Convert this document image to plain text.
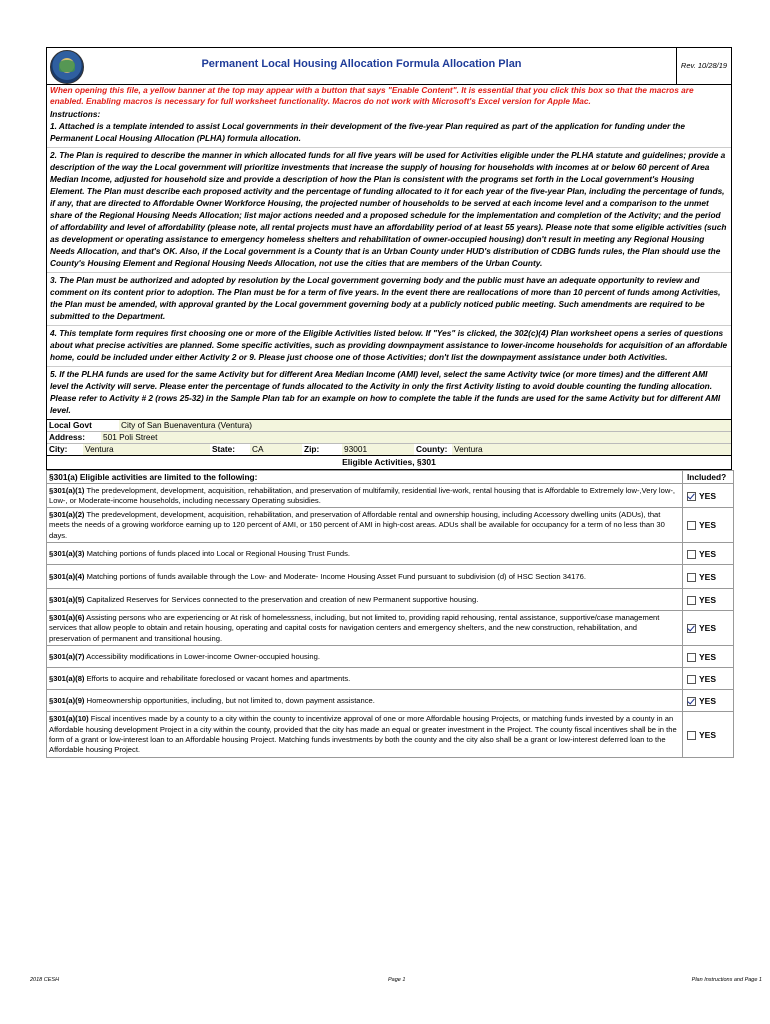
Permanent Local Housing Allocation Formula Allocation Plan	Rev. 10/28/19
When opening this file, a yellow banner at the top may appear with a button that says "Enable Content". It is essential that you click this box so that the macros are enabled. Enabling macros is necessary for full worksheet functionality. Macros do not work with Microsoft's Excel version for Apple Mac.
Instructions:
1. Attached is a template intended to assist Local governments in their development of the five-year Plan required as part of the application for funding under the Permanent Local Housing Allocation (PLHA) formula allocation.
2. The Plan is required to describe the manner in which allocated funds for all five years will be used for Activities eligible under the PLHA statute and guidelines; provide a description of the way the Local government will prioritize investments that increase the supply of housing for households with incomes at or below 60 percent of Area Median Income, adjusted for household size and provide a description of how the Plan is consistent with the programs set forth in the Local government's Housing Element. The Plan must describe each proposed activity and the percentage of funding allocated to it for each year of the five-year Plan, including the percentage of funds, if any, that are directed to Affordable Owner Workforce Housing, the projected number of households to be served at each income level and a comparison to the unmet share of the Regional Housing Needs Allocation; list major actions needed and a proposed schedule for the implementation and completion of the Activity; and the period of affordability and level of affordability (please note, all rental projects must have an affordability period of at least 55 years). Please note that some eligible activities (such as development or operating assistance to emergency homeless shelters and rehabilitation of owner-occupied housing) don't result in meeting any Regional Housing Needs Allocation, and that's OK. Also, if the Local government is a County that is an Urban County under HUD's distribution of CDBG funds rules, the Plan should use the County's Housing Element and Regional Housing Needs Allocation, not use the cities that are members of the Urban County.
3. The Plan must be authorized and adopted by resolution by the Local government governing body and the public must have an adequate opportunity to review and comment on its content prior to adoption. The Plan must be for a term of five years. In the event there are reallocations of more than 10 percent of funds among Activities, the Plan must be amended, with approval granted by the Local government governing body at a publicly noticed public meeting. Such amendments are required to be submitted to the Department.
4. This template form requires first choosing one or more of the Eligible Activities listed below. If "Yes" is clicked, the 302(c)(4) Plan worksheet opens a series of questions about what precise activities are planned. Some specific activities, such as providing downpayment assistance to lower-income households for acquisition of an affordable home, could be included under either Activity 2 or 9. Please just choose one of those Activities; don't list the downpayment assistance under both Activities.
5. If the PLHA funds are used for the same Activity but for different Area Median Income (AMI) level, select the same Activity twice (or more times) and the different AMI level the Activity will serve. Please enter the percentage of funds allocated to the Activity in only the first Activity listing to avoid double counting the funding allocation. Please refer to Activity # 2 (rows 25-32) in the Sample Plan tab for an example on how to complete the table if the funds are used for the same Activity but for different AMI level.
Local Govt	City of San Buenaventura (Ventura)
Address:	501 Poli Street
City:	Ventura	State:	CA	Zip:	93001	County: Ventura
Eligible Activities, §301
§301(a) Eligible activities are limited to the following:	Included?
§301(a)(1) The predevelopment, development, acquisition, rehabilitation, and preservation of multifamily, residential live-work, rental housing that is Affordable to Extremely low-,Very low-, Low-, or Moderate-income households, including necessary Operating subsidies.	YES
§301(a)(2) The predevelopment, development, acquisition, rehabilitation, and preservation of Affordable rental and ownership housing, including Accessory dwelling units (ADUs), that meets the needs of a growing workforce earning up to 120 percent of AMI, or 150 percent of AMI in high-cost areas. ADUs shall be available for occupancy for a term of no less than 30 days.	YES
§301(a)(3) Matching portions of funds placed into Local or Regional Housing Trust Funds.	YES
§301(a)(4) Matching portions of funds available through the Low- and Moderate- Income Housing Asset Fund pursuant to subdivision (d) of HSC Section 34176.	YES
§301(a)(5) Capitalized Reserves for Services connected to the preservation and creation of new Permanent supportive housing.	YES
§301(a)(6) Assisting persons who are experiencing or At risk of homelessness, including, but not limited to, providing rapid rehousing, rental assistance, supportive/case management services that allow people to obtain and retain housing, operating and capital costs for navigation centers and emergency shelters, and the new construction, rehabilitation, and preservation of permanent and transitional housing.	YES
§301(a)(7) Accessibility modifications in Lower-income Owner-occupied housing.	YES
§301(a)(8) Efforts to acquire and rehabilitate foreclosed or vacant homes and apartments.	YES
§301(a)(9) Homeownership opportunities, including, but not limited to, down payment assistance.	YES
§301(a)(10) Fiscal incentives made by a county to a city within the county to incentivize approval of one or more Affordable housing Projects, or matching funds invested by a county in an Affordable housing development Project in a city within the county, provided that the city has made an equal or greater investment in the Project. The county fiscal incentives shall be in the form of a grant or low-interest loan to an Affordable housing Project. Matching funds investments by both the county and the city also shall be a grant or low-interest deferred loan to the Affordable housing Project.	YES
2018 CESH	Page 1	Plan Instructions and Page 1
